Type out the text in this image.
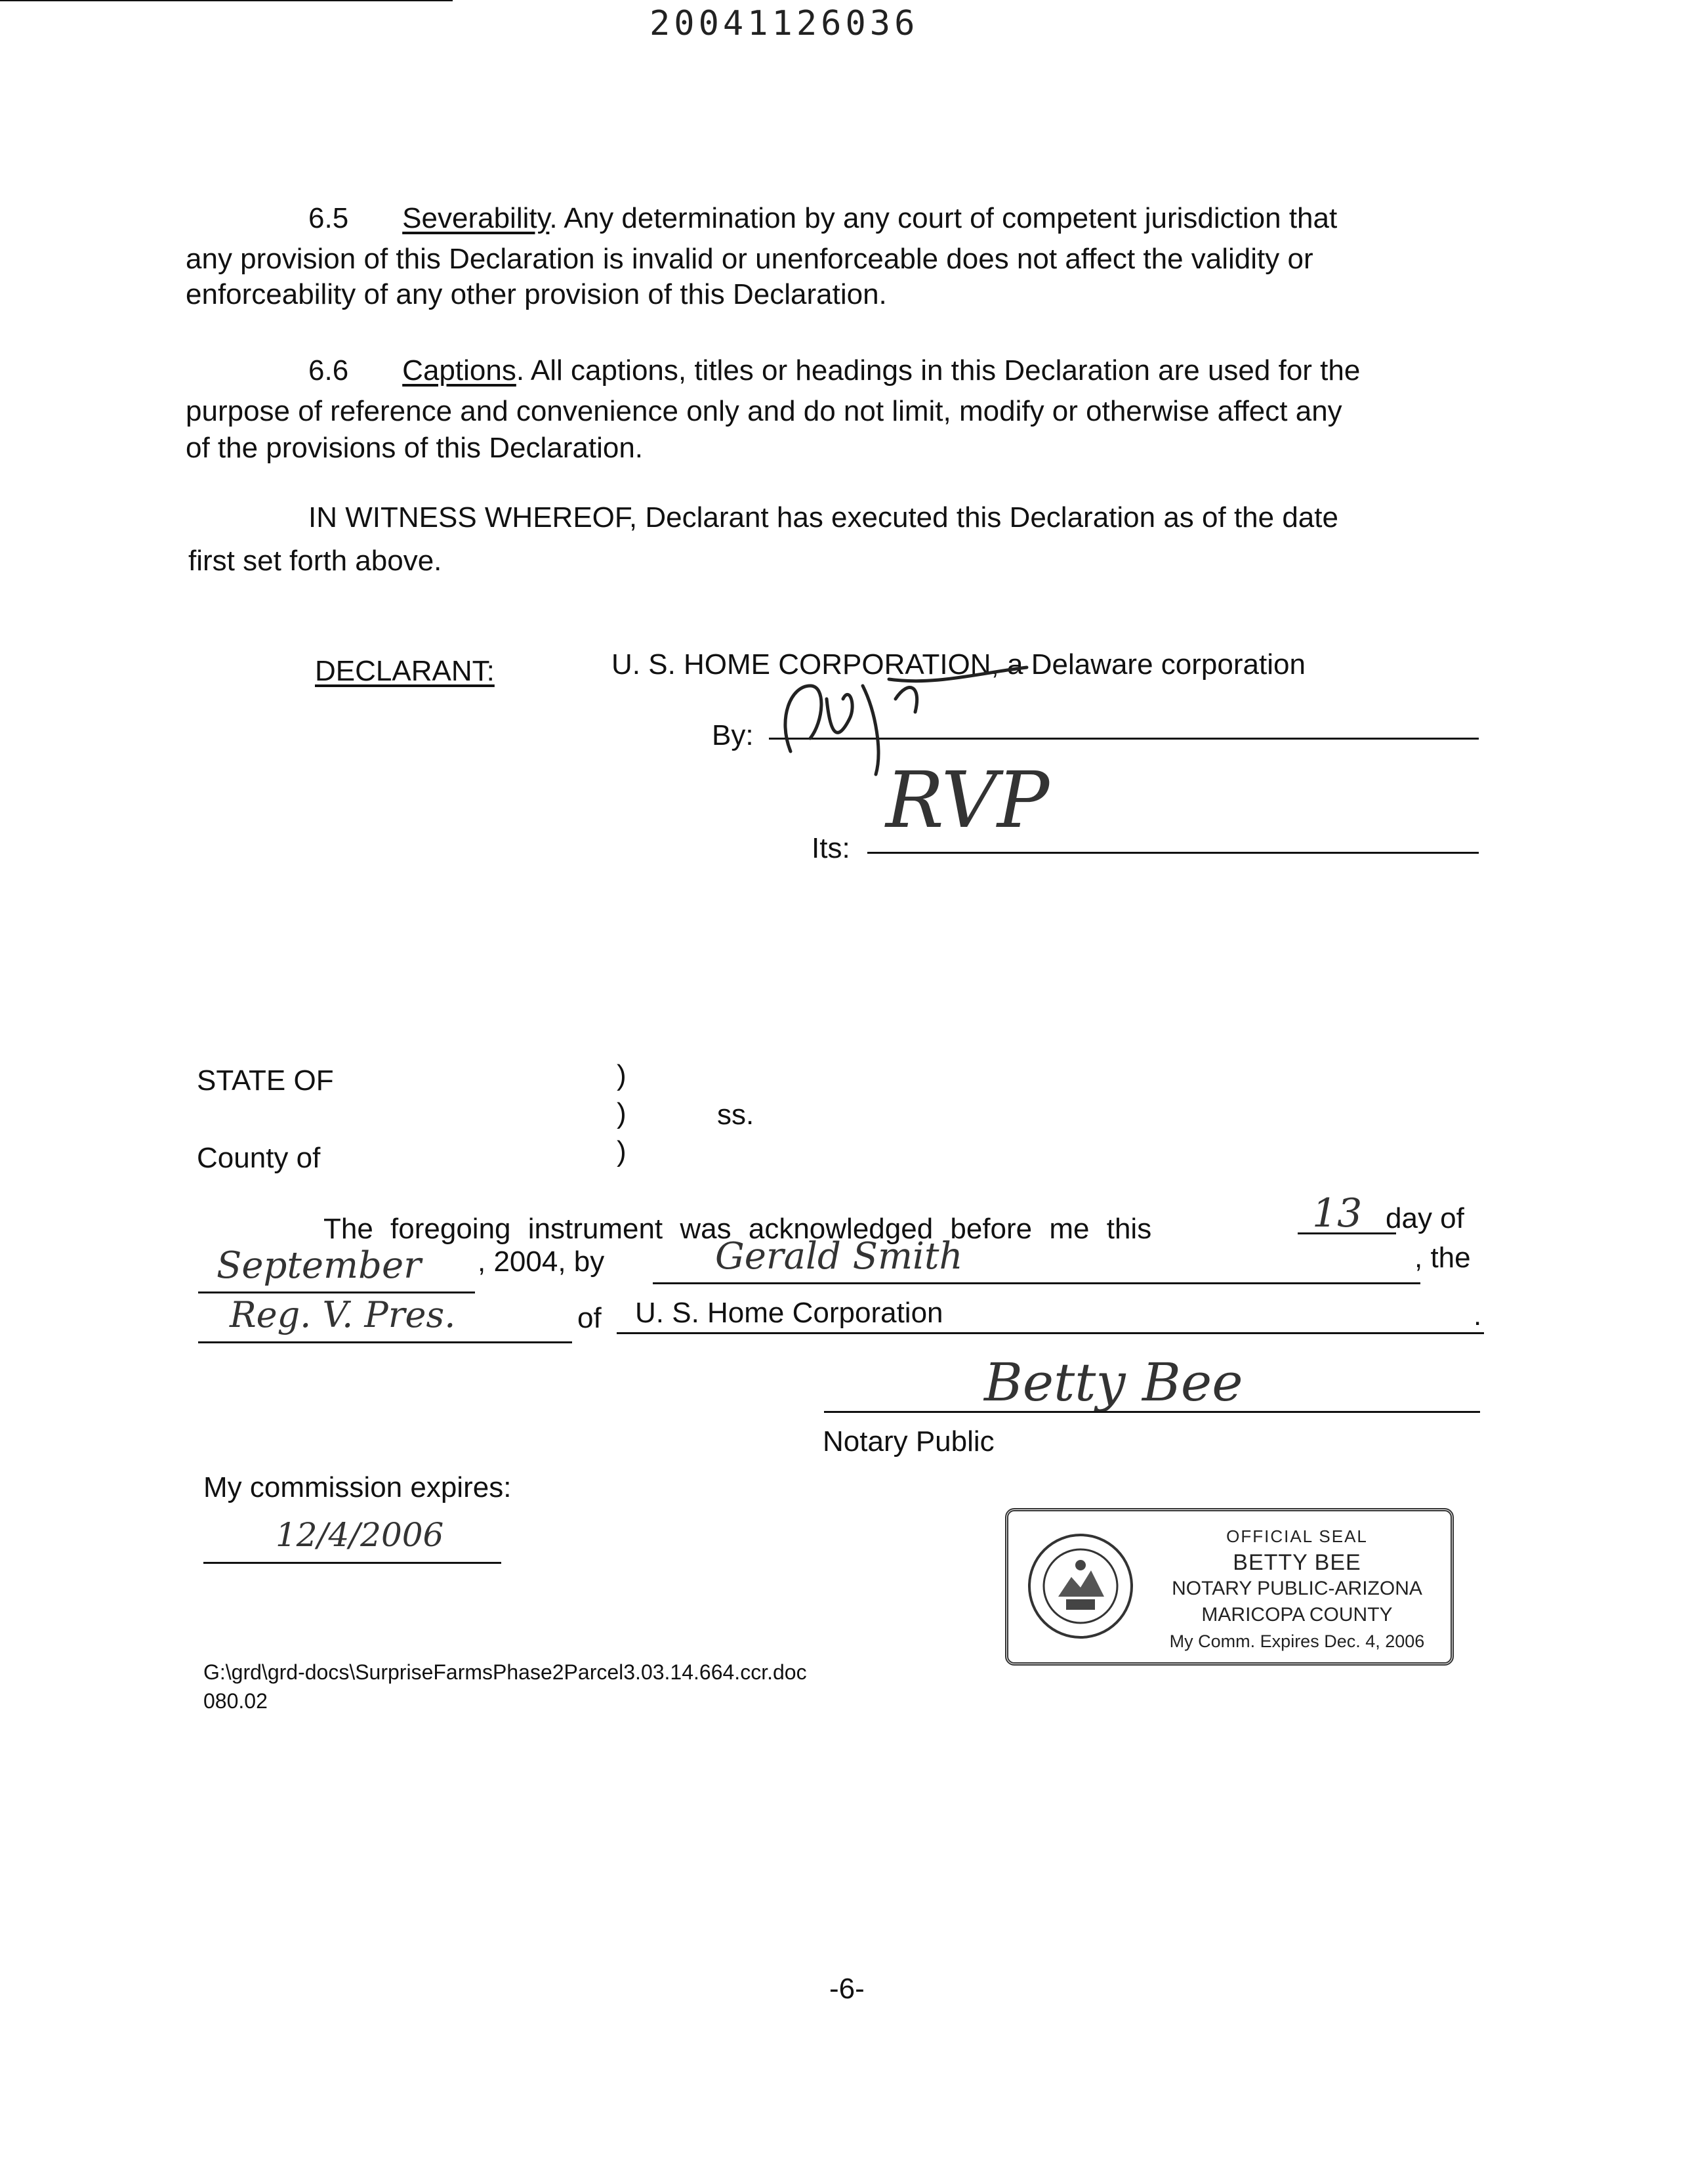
20041126036
6.5 Severability. Any determination by any court of competent jurisdiction that
any provision of this Declaration is invalid or unenforceable does not affect the validity or
enforceability of any other provision of this Declaration.
6.6 Captions. All captions, titles or headings in this Declaration are used for the
purpose of reference and convenience only and do not limit, modify or otherwise affect any
of the provisions of this Declaration.
IN WITNESS WHEREOF, Declarant has executed this Declaration as of the date
first set forth above.
DECLARANT:	U. S. HOME CORPORATION, a Delaware corporation
By:
Its:
RVP
STATE OF	)
)
)
ss.
County of
The foregoing instrument was acknowledged before me this	13 day of
September , 2004, by	Gerald Smith	, the
Reg. V. Pres.	of U. S. Home Corporation	.
Betty Bee
Notary Public
My commission expires:
12/4/2006	OFFICIAL SEAL
BETTY BEE
NOTARY PUBLIC-ARIZONA
MARICOPA COUNTY
My Comm. Expires Dec. 4, 2006
G:\grd\grd-docs\SurpriseFarmsPhase2Parcel3.03.14.664.ccr.doc
080.02
-6-
